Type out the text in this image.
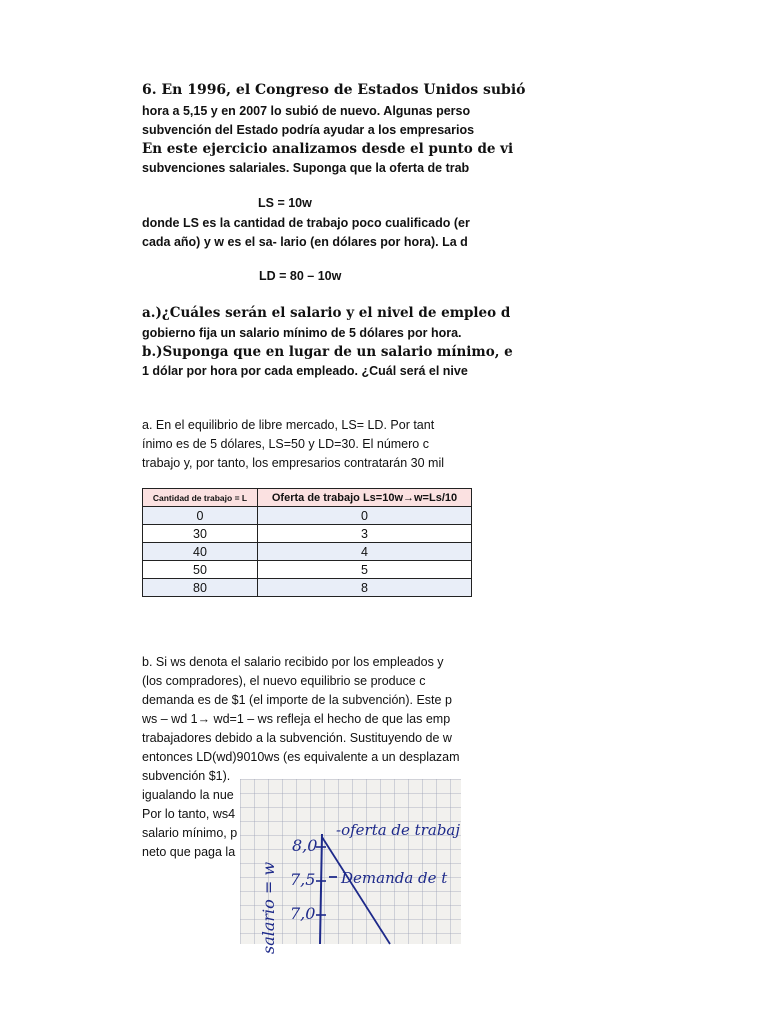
6. En 1996, el Congreso de Estados Unidos subió
hora a 5,15 y en 2007 lo subió de nuevo. Algunas perso
subvención del Estado podría ayudar a los empresarios
En este ejercicio analizamos desde el punto de vi
subvenciones salariales. Suponga que la oferta de trab
LS = 10w
donde LS es la cantidad de trabajo poco cualificado (er
cada año) y w es el sa- lario (en dólares por hora). La d
LD = 80 – 10w
a.)¿Cuáles serán el salario y el nivel de empleo d
gobierno fija un salario mínimo de 5 dólares por hora.
b.)Suponga que en lugar de un salario mínimo, e
1 dólar por hora por cada empleado. ¿Cuál será el nive
a. En el equilibrio de libre mercado, LS= LD. Por tant
ínimo es de 5 dólares, LS=50 y LD=30. El número c
trabajo y, por tanto, los empresarios contratarán 30 mil
Cantidad de trabajo = L	Oferta de trabajo Ls=10w→w=Ls/10
0	0
30	3
40	4
50	5
80	8
b. Si ws denota el salario recibido por los empleados y
(los compradores), el nuevo equilibrio se produce c
demanda es de $1 (el importe de la subvención). Este p
ws – wd 1→ wd=1 – ws refleja el hecho de que las emp
trabajadores debido a la subvención. Sustituyendo de w
entonces LD(wd)9010ws (es equivalente a un desplazam
subvención $1).
igualando la nue
Por lo tanto, ws4
salario mínimo, p
neto que paga la	8,0
7,5
7,0
-oferta de trabaj
Demanda de t
salario = w
